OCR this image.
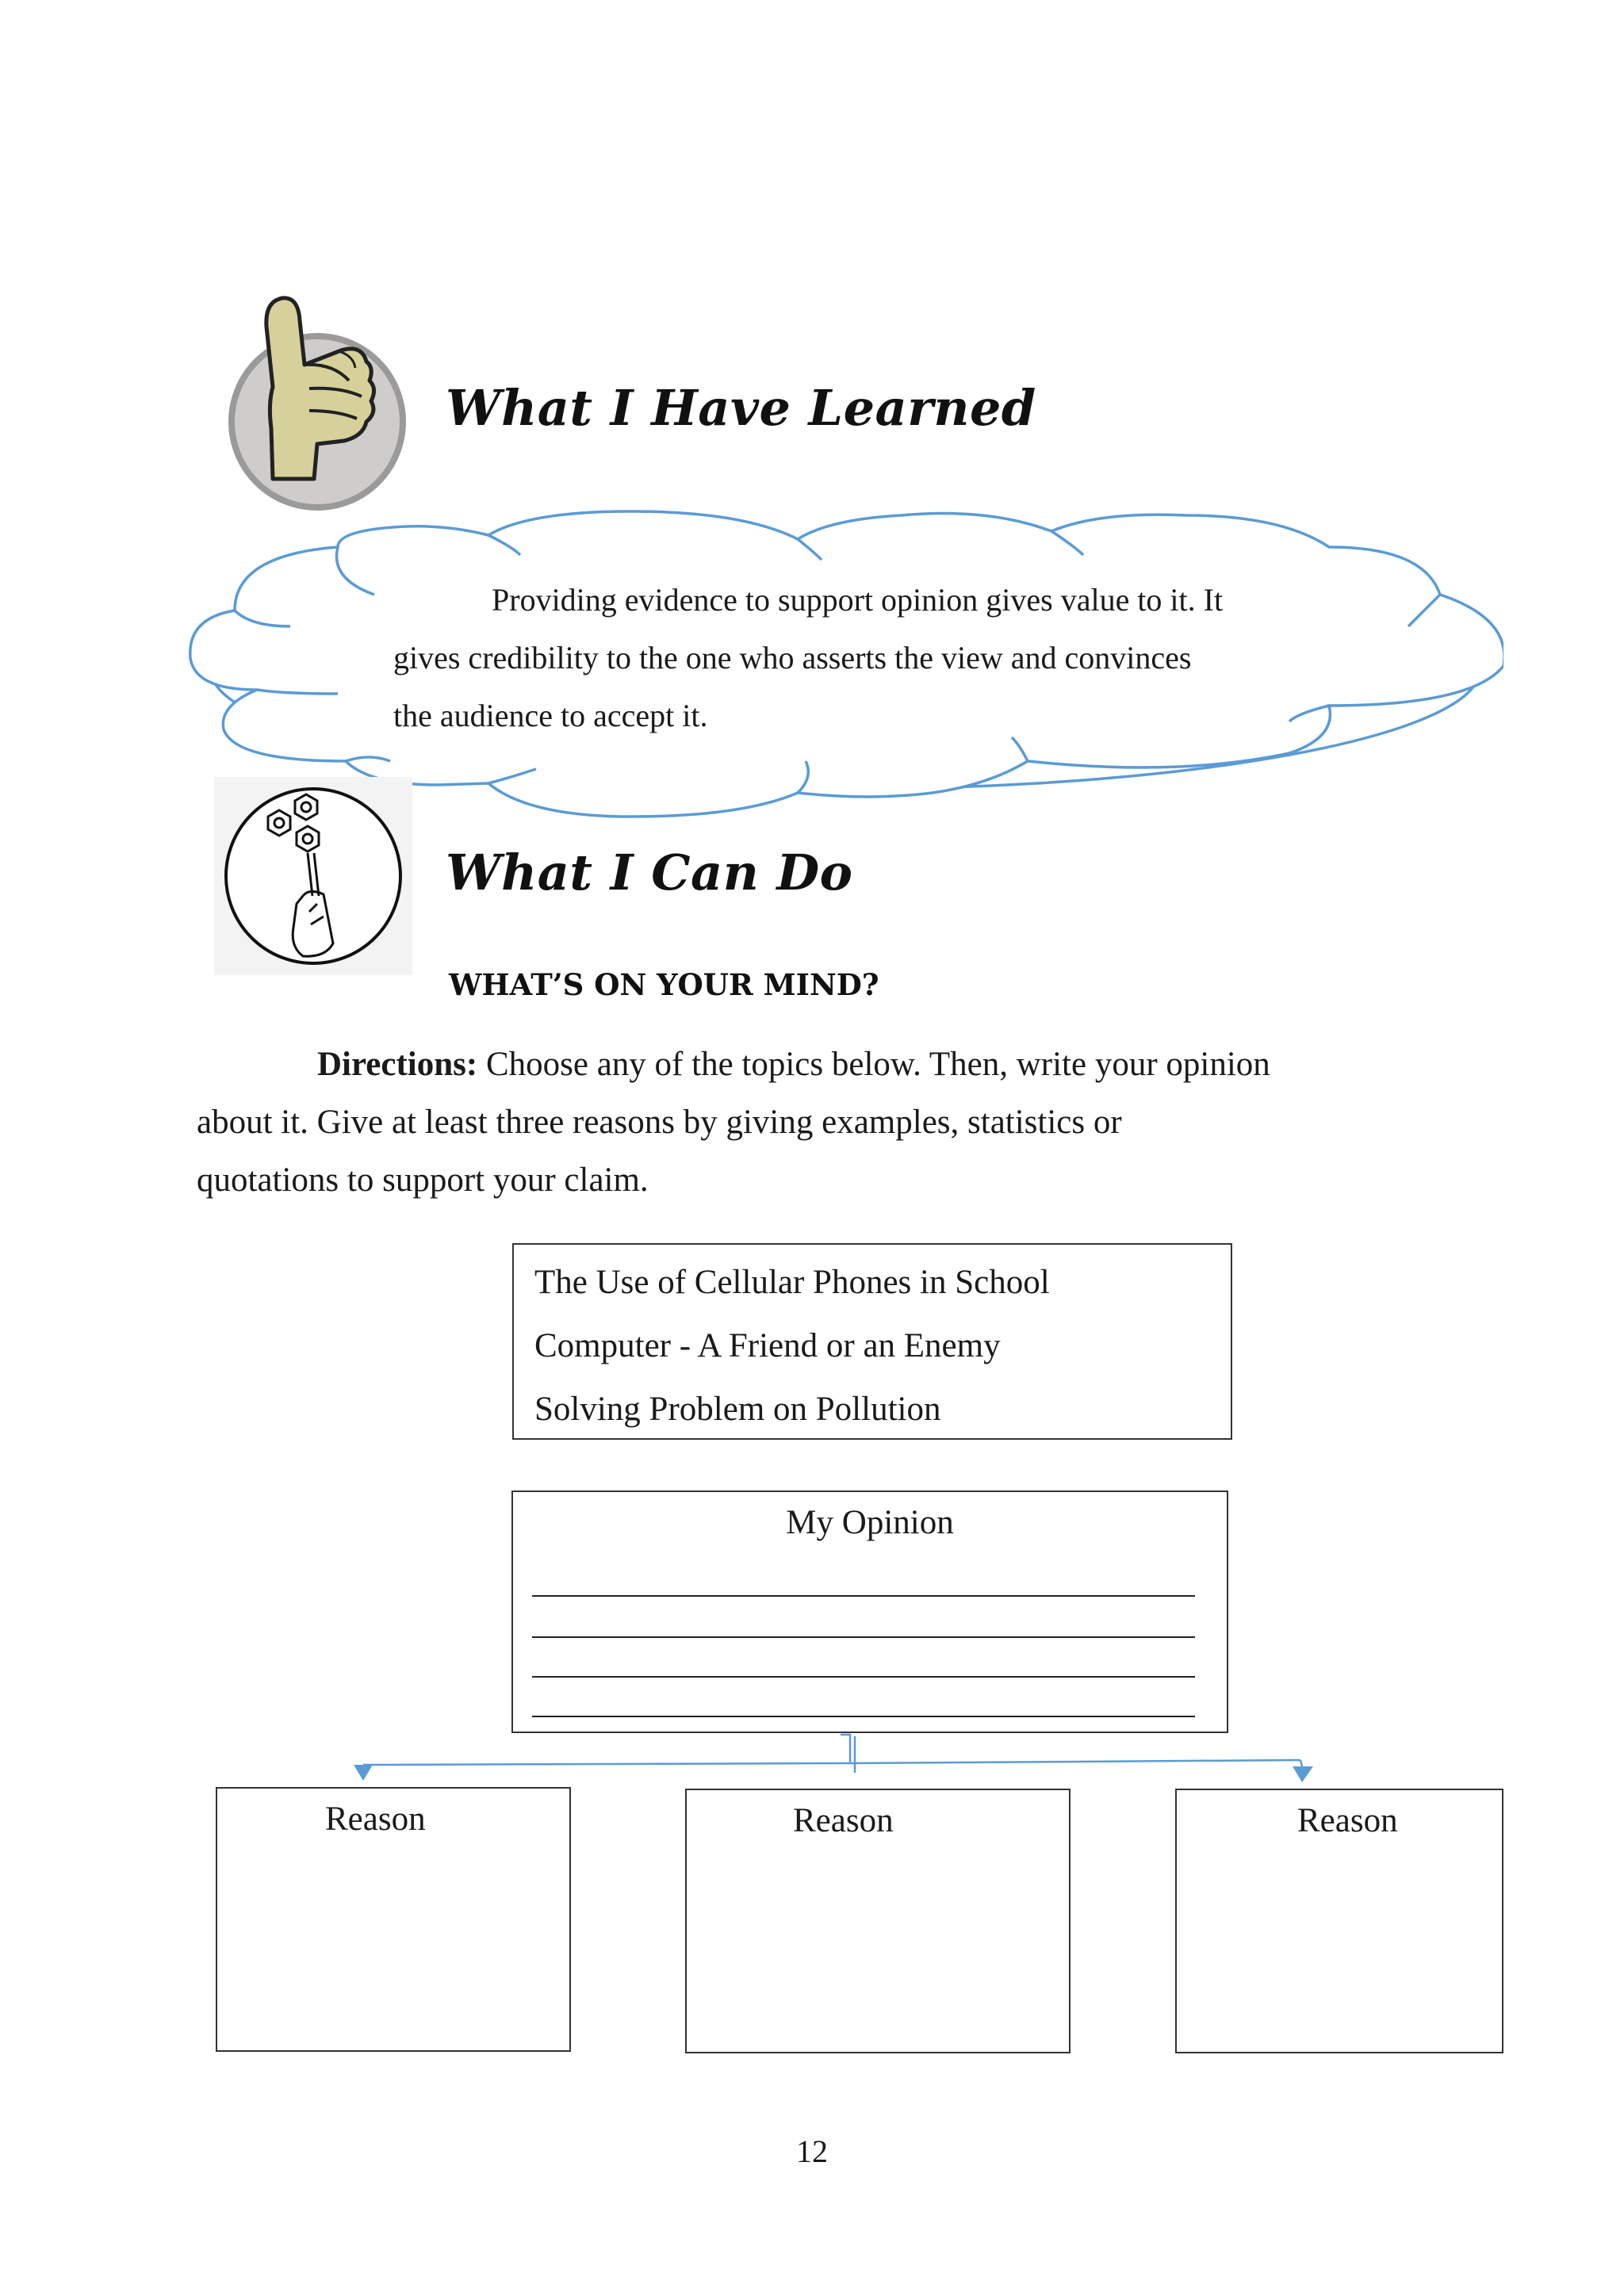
What I Have Learned

Providing evidence to support opinion gives value to it. It

gives credibility to the one who asserts the view and convinces

the audience to accept it.

What I Can Do
WHAT’S ON YOUR MIND?
Directions: Choose any of the topics below. Then, write your opinion
about it. Give at least three reasons by giving examples, statistics or
quotations to support your claim.
The Use of Cellular Phones in School
Computer - A Friend or an Enemy
Solving Problem on Pollution
My Opinion
Reason	Reason	Reason
12
